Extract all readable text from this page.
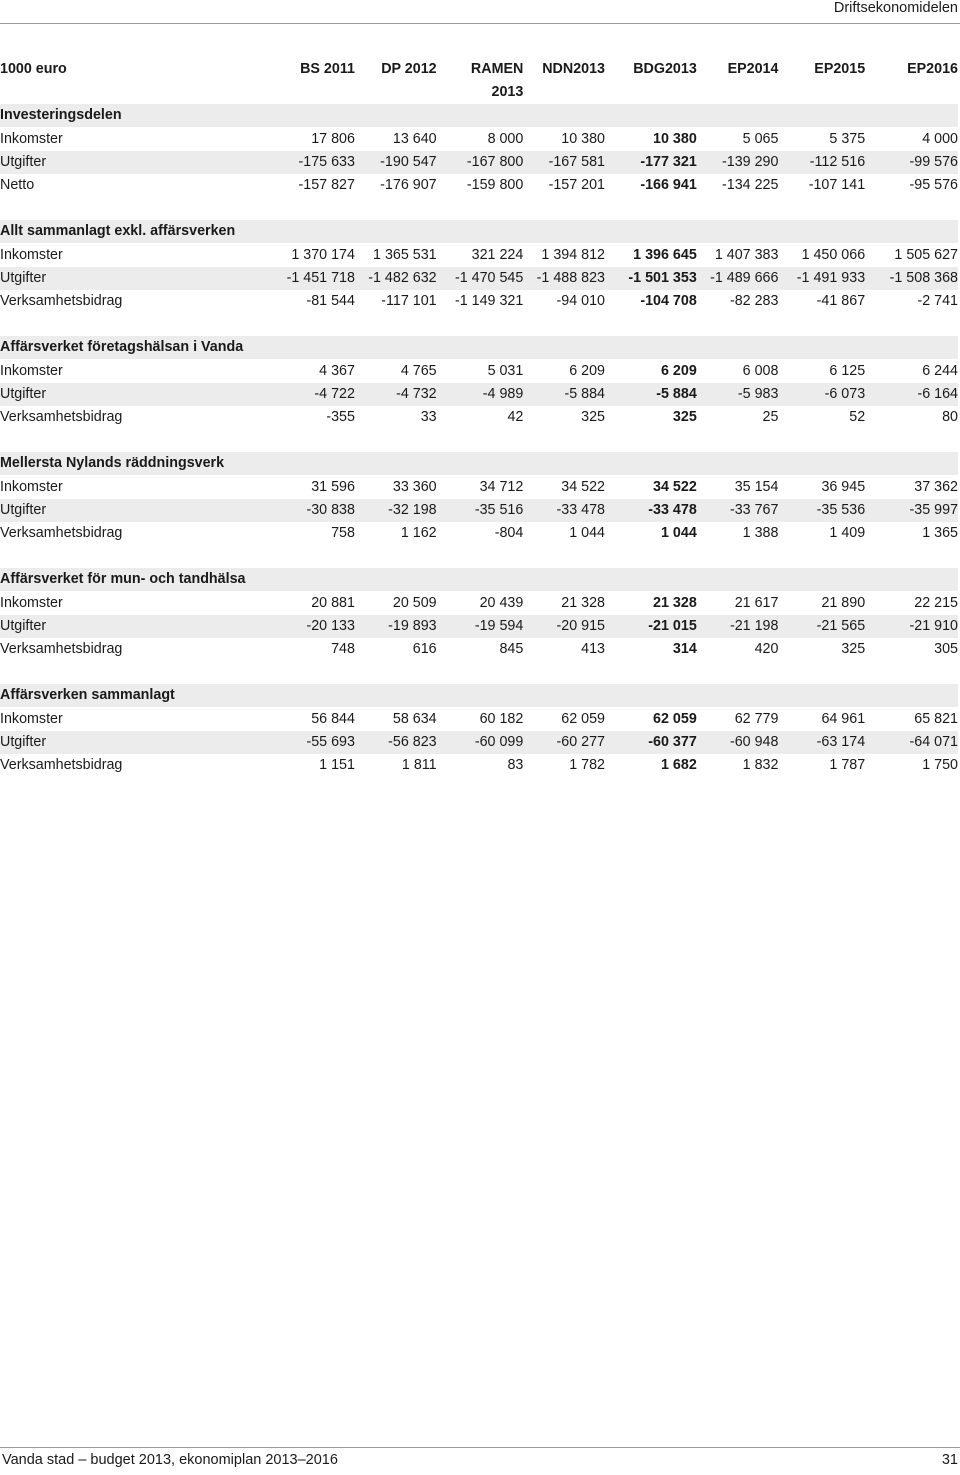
Driftsekonomidelen
1000 euro	BS 2011	DP 2012	RAMEN 2013	NDN2013	BDG2013	EP2014	EP2015	EP2016
Investeringsdelen								
Inkomster	17 806	13 640	8 000	10 380	10 380	5 065	5 375	4 000
Utgifter	-175 633	-190 547	-167 800	-167 581	-177 321	-139 290	-112 516	-99 576
Netto	-157 827	-176 907	-159 800	-157 201	-166 941	-134 225	-107 141	-95 576

Allt sammanlagt exkl. affärsverken								
Inkomster	1 370 174	1 365 531	321 224	1 394 812	1 396 645	1 407 383	1 450 066	1 505 627
Utgifter	-1 451 718	-1 482 632	-1 470 545	-1 488 823	-1 501 353	-1 489 666	-1 491 933	-1 508 368
Verksamhetsbidrag	-81 544	-117 101	-1 149 321	-94 010	-104 708	-82 283	-41 867	-2 741

Affärsverket företagshälsan i Vanda								
Inkomster	4 367	4 765	5 031	6 209	6 209	6 008	6 125	6 244
Utgifter	-4 722	-4 732	-4 989	-5 884	-5 884	-5 983	-6 073	-6 164
Verksamhetsbidrag	-355	33	42	325	325	25	52	80

Mellersta Nylands räddningsverk								
Inkomster	31 596	33 360	34 712	34 522	34 522	35 154	36 945	37 362
Utgifter	-30 838	-32 198	-35 516	-33 478	-33 478	-33 767	-35 536	-35 997
Verksamhetsbidrag	758	1 162	-804	1 044	1 044	1 388	1 409	1 365

Affärsverket för mun- och tandhälsa								
Inkomster	20 881	20 509	20 439	21 328	21 328	21 617	21 890	22 215
Utgifter	-20 133	-19 893	-19 594	-20 915	-21 015	-21 198	-21 565	-21 910
Verksamhetsbidrag	748	616	845	413	314	420	325	305

Affärsverken sammanlagt								
Inkomster	56 844	58 634	60 182	62 059	62 059	62 779	64 961	65 821
Utgifter	-55 693	-56 823	-60 099	-60 277	-60 377	-60 948	-63 174	-64 071
Verksamhetsbidrag	1 151	1 811	83	1 782	1 682	1 832	1 787	1 750
Vanda stad – budget 2013, ekonomiplan 2013–2016	31
